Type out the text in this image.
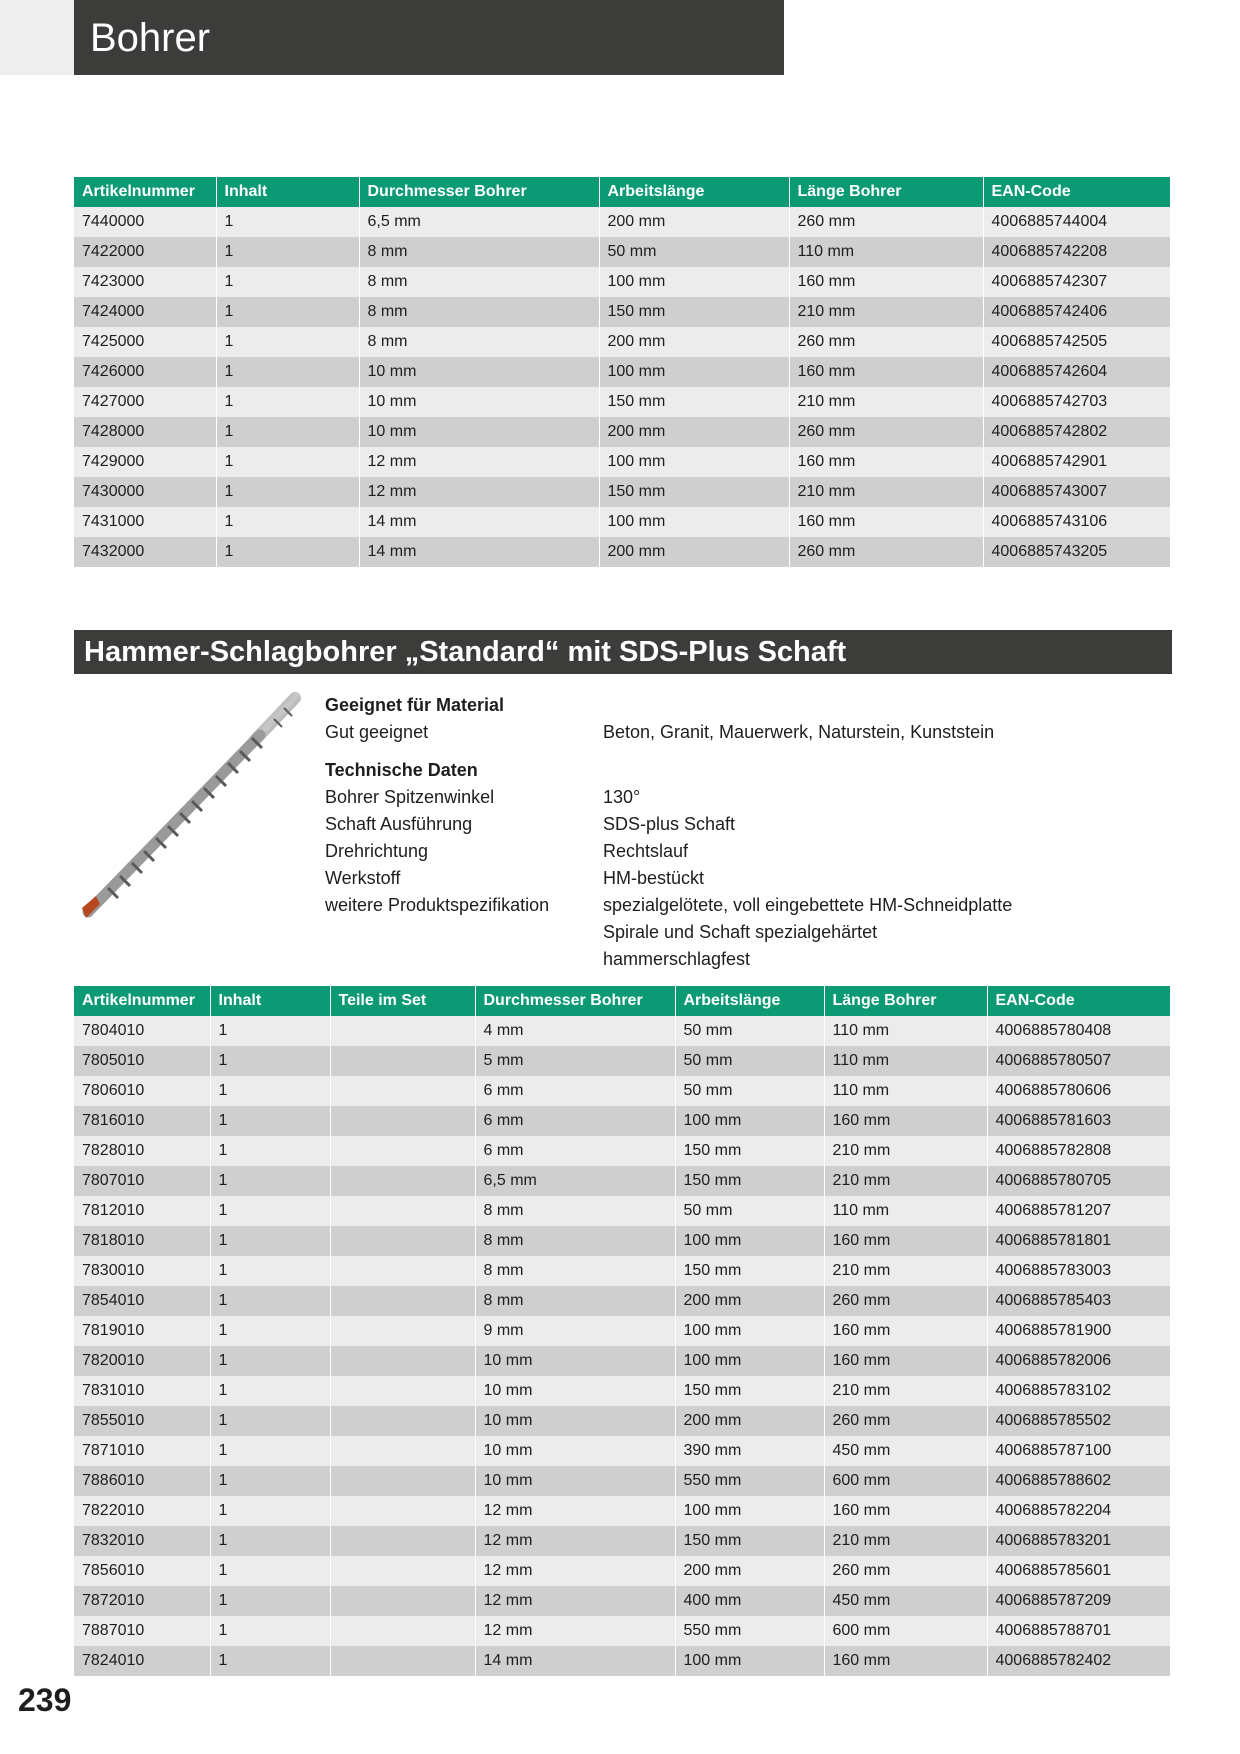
Bohrer
Artikelnummer	Inhalt	Durchmesser Bohrer	Arbeitslänge	Länge Bohrer	EAN-Code
7440000	1	6,5 mm	200 mm	260 mm	4006885744004
7422000	1	8 mm	50 mm	110 mm	4006885742208
7423000	1	8 mm	100 mm	160 mm	4006885742307
7424000	1	8 mm	150 mm	210 mm	4006885742406
7425000	1	8 mm	200 mm	260 mm	4006885742505
7426000	1	10 mm	100 mm	160 mm	4006885742604
7427000	1	10 mm	150 mm	210 mm	4006885742703
7428000	1	10 mm	200 mm	260 mm	4006885742802
7429000	1	12 mm	100 mm	160 mm	4006885742901
7430000	1	12 mm	150 mm	210 mm	4006885743007
7431000	1	14 mm	100 mm	160 mm	4006885743106
7432000	1	14 mm	200 mm	260 mm	4006885743205
Hammer-Schlagbohrer „Standard“ mit SDS-Plus Schaft
Geeignet für Material
Gut geeignet	Beton, Granit, Mauerwerk, Naturstein, Kunststein
Technische Daten
Bohrer Spitzenwinkel	130°
Schaft Ausführung	SDS-plus Schaft
Drehrichtung	Rechtslauf
Werkstoff	HM-bestückt
weitere Produktspezifikation	spezialgelötete, voll eingebettete HM-Schneidplatte
Spirale und Schaft spezialgehärtet
hammerschlagfest
Artikelnummer	Inhalt	Teile im Set	Durchmesser Bohrer	Arbeitslänge	Länge Bohrer	EAN-Code
7804010	1		4 mm	50 mm	110 mm	4006885780408
7805010	1		5 mm	50 mm	110 mm	4006885780507
7806010	1		6 mm	50 mm	110 mm	4006885780606
7816010	1		6 mm	100 mm	160 mm	4006885781603
7828010	1		6 mm	150 mm	210 mm	4006885782808
7807010	1		6,5 mm	150 mm	210 mm	4006885780705
7812010	1		8 mm	50 mm	110 mm	4006885781207
7818010	1		8 mm	100 mm	160 mm	4006885781801
7830010	1		8 mm	150 mm	210 mm	4006885783003
7854010	1		8 mm	200 mm	260 mm	4006885785403
7819010	1		9 mm	100 mm	160 mm	4006885781900
7820010	1		10 mm	100 mm	160 mm	4006885782006
7831010	1		10 mm	150 mm	210 mm	4006885783102
7855010	1		10 mm	200 mm	260 mm	4006885785502
7871010	1		10 mm	390 mm	450 mm	4006885787100
7886010	1		10 mm	550 mm	600 mm	4006885788602
7822010	1		12 mm	100 mm	160 mm	4006885782204
7832010	1		12 mm	150 mm	210 mm	4006885783201
7856010	1		12 mm	200 mm	260 mm	4006885785601
7872010	1		12 mm	400 mm	450 mm	4006885787209
7887010	1		12 mm	550 mm	600 mm	4006885788701
7824010	1		14 mm	100 mm	160 mm	4006885782402
239
